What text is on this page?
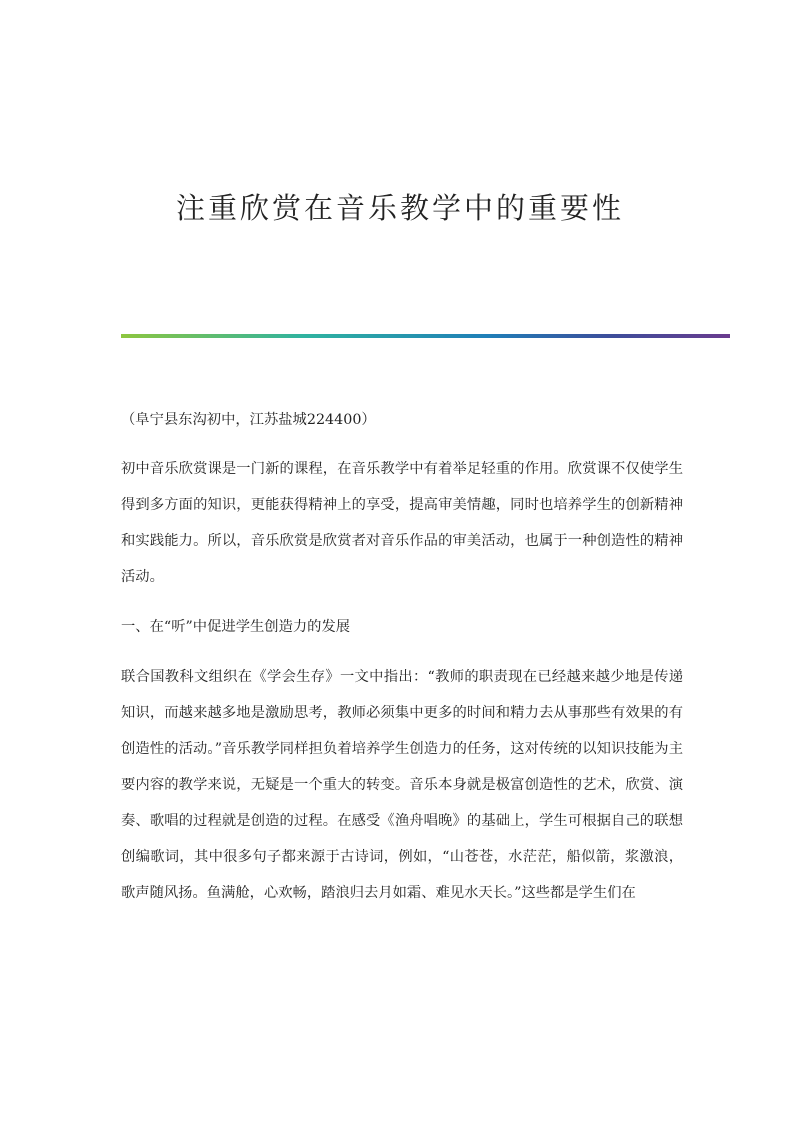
注重欣赏在音乐教学中的重要性

（阜宁县东沟初中，江苏盐城224400）

初中音乐欣赏课是一门新的课程，在音乐教学中有着举足轻重的作用。欣赏课不仅使学生得到多方面的知识，更能获得精神上的享受，提高审美情趣，同时也培养学生的创新精神和实践能力。所以，音乐欣赏是欣赏者对音乐作品的审美活动，也属于一种创造性的精神活动。

一、在“听”中促进学生创造力的发展

联合国教科文组织在《学会生存》一文中指出：“教师的职责现在已经越来越少地是传递知识，而越来越多地是激励思考，教师必须集中更多的时间和精力去从事那些有效果的有创造性的活动。”音乐教学同样担负着培养学生创造力的任务，这对传统的以知识技能为主要内容的教学来说，无疑是一个重大的转变。音乐本身就是极富创造性的艺术，欣赏、演奏、歌唱的过程就是创造的过程。在感受《渔舟唱晚》的基础上，学生可根据自己的联想创编歌词，其中很多句子都来源于古诗词，例如，“山苍苍，水茫茫，船似箭，浆激浪，歌声随风扬。鱼满舱，心欢畅，踏浪归去月如霜、难见水天长。”这些都是学生们在
